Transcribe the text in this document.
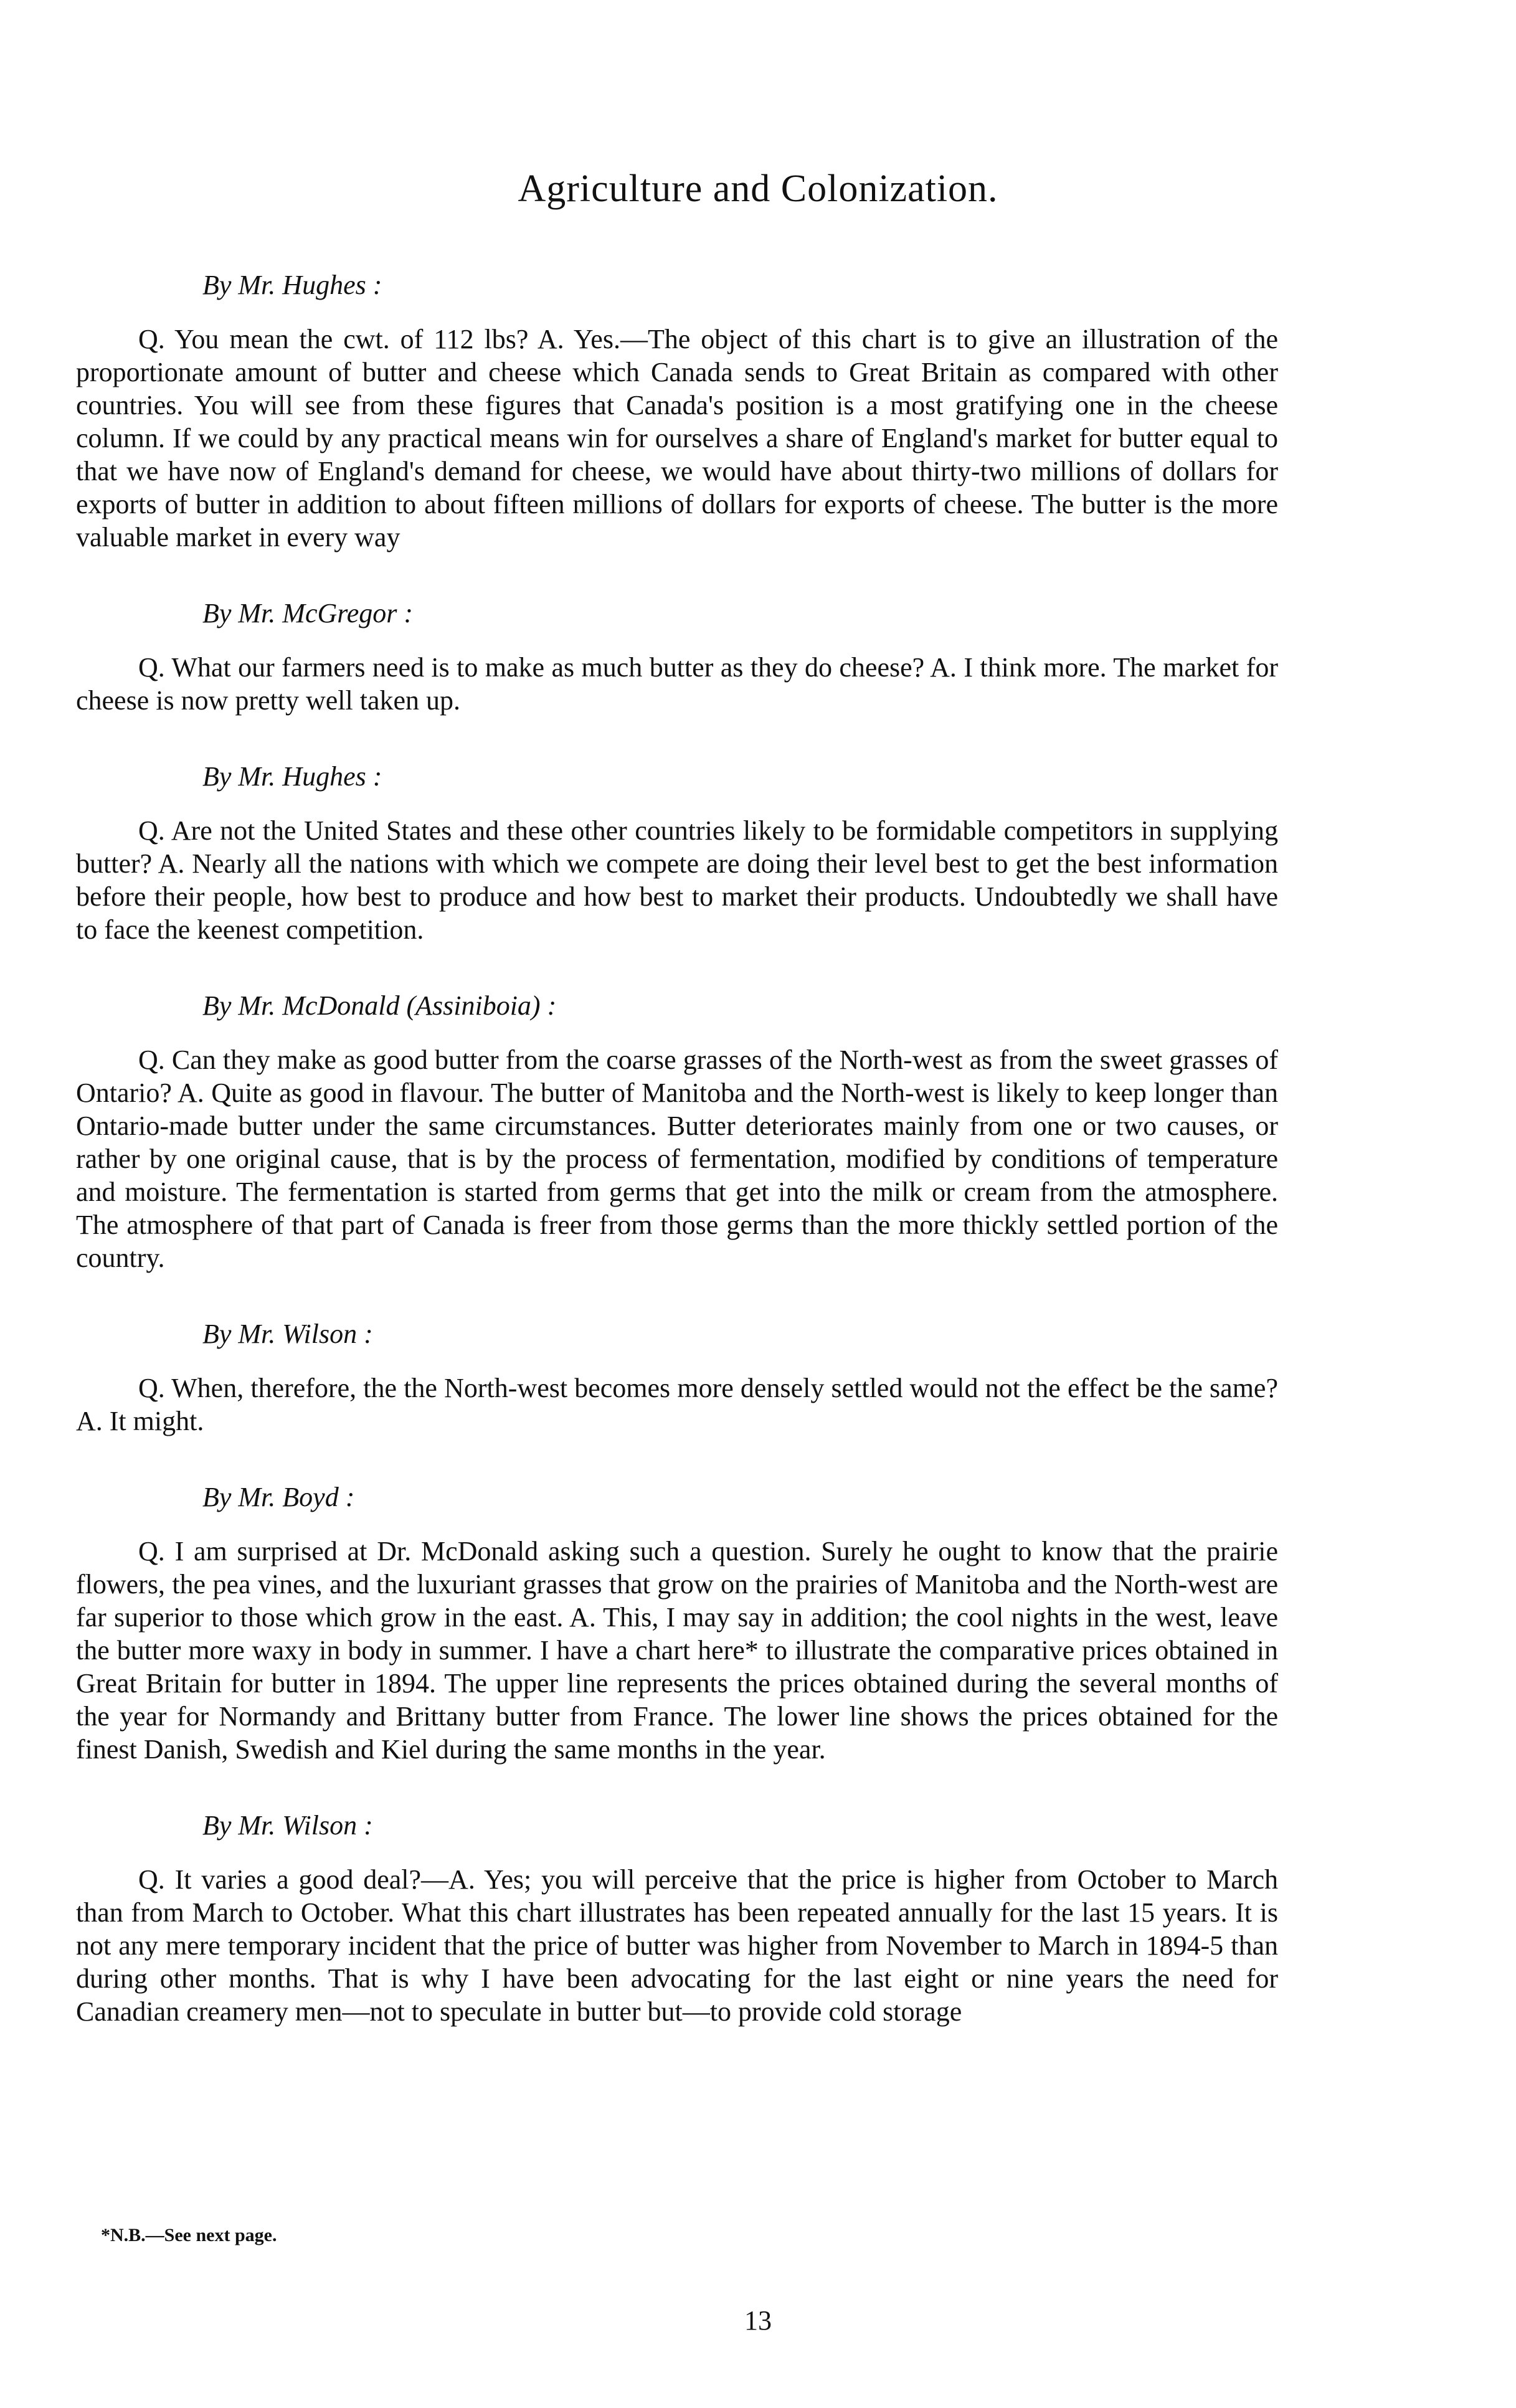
Agriculture and Colonization.

By Mr. Hughes :

Q. You mean the cwt. of 112 lbs? A. Yes.—The object of this chart is to give an illustration of the proportionate amount of butter and cheese which Canada sends to Great Britain as compared with other countries. You will see from these figures that Canada's position is a most gratifying one in the cheese column. If we could by any practical means win for ourselves a share of England's market for butter equal to that we have now of England's demand for cheese, we would have about thirty-two millions of dollars for exports of butter in addition to about fifteen millions of dollars for exports of cheese. The butter is the more valuable market in every way

By Mr. McGregor :

Q. What our farmers need is to make as much butter as they do cheese? A. I think more. The market for cheese is now pretty well taken up.

By Mr. Hughes :

Q. Are not the United States and these other countries likely to be formidable competitors in supplying butter? A. Nearly all the nations with which we compete are doing their level best to get the best information before their people, how best to produce and how best to market their products. Undoubtedly we shall have to face the keenest competition.

By Mr. McDonald (Assiniboia) :

Q. Can they make as good butter from the coarse grasses of the North-west as from the sweet grasses of Ontario? A. Quite as good in flavour. The butter of Manitoba and the North-west is likely to keep longer than Ontario-made butter under the same circumstances. Butter deteriorates mainly from one or two causes, or rather by one original cause, that is by the process of fermentation, modified by conditions of temperature and moisture. The fermentation is started from germs that get into the milk or cream from the atmosphere. The atmosphere of that part of Canada is freer from those germs than the more thickly settled portion of the country.

By Mr. Wilson :

Q. When, therefore, the the North-west becomes more densely settled would not the effect be the same? A. It might.

By Mr. Boyd :

Q. I am surprised at Dr. McDonald asking such a question. Surely he ought to know that the prairie flowers, the pea vines, and the luxuriant grasses that grow on the prairies of Manitoba and the North-west are far superior to those which grow in the east. A. This, I may say in addition; the cool nights in the west, leave the butter more waxy in body in summer. I have a chart here* to illustrate the comparative prices obtained in Great Britain for butter in 1894. The upper line represents the prices obtained during the several months of the year for Normandy and Brittany butter from France. The lower line shows the prices obtained for the finest Danish, Swedish and Kiel during the same months in the year.

By Mr. Wilson :

Q. It varies a good deal?—A. Yes; you will perceive that the price is higher from October to March than from March to October. What this chart illustrates has been repeated annually for the last 15 years. It is not any mere temporary incident that the price of butter was higher from November to March in 1894-5 than during other months. That is why I have been advocating for the last eight or nine years the need for Canadian creamery men—not to speculate in butter but—to provide cold storage

*N.B.—See next page.

13
